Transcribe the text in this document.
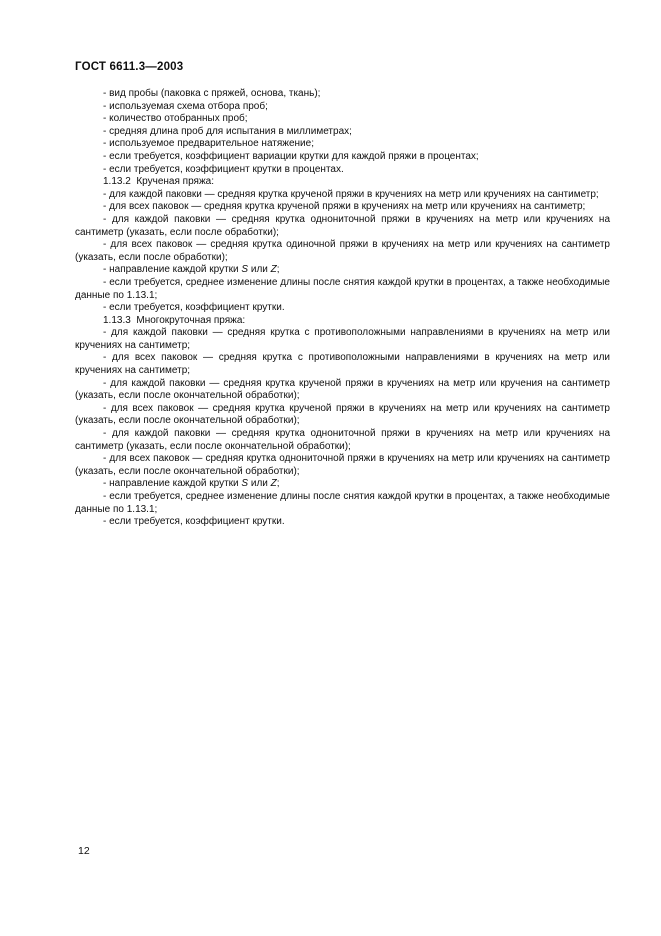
ГОСТ 6611.3—2003

- вид пробы (паковка с пряжей, основа, ткань);

- используемая схема отбора проб;

- количество отобранных проб;

- средняя длина проб для испытания в миллиметрах;

- используемое предварительное натяжение;

- если требуется, коэффициент вариации крутки для каждой пряжи в процентах;

- если требуется, коэффициент крутки в процентах.

1.13.2  Крученая пряжа:

- для каждой паковки — средняя крутка крученой пряжи в кручениях на метр или кручениях на сантиметр;

- для всех паковок — средняя крутка крученой пряжи в кручениях на метр или кручениях на сантиметр;

- для каждой паковки — средняя крутка однониточной пряжи в кручениях на метр или кручениях на сантиметр (указать, если после обработки);

- для всех паковок — средняя крутка одиночной пряжи в кручениях на метр или кручениях на сантиметр (указать, если после обработки);

- направление каждой крутки S или Z;

- если требуется, среднее изменение длины после снятия каждой крутки в процентах, а также необходимые данные по 1.13.1;

- если требуется, коэффициент крутки.

1.13.3  Многокруточная пряжа:

- для каждой паковки — средняя крутка с противоположными направлениями в кручениях на метр или кручениях на сантиметр;

- для всех паковок — средняя крутка с противоположными направлениями в кручениях на метр или кручениях на сантиметр;

- для каждой паковки — средняя крутка крученой пряжи в кручениях на метр или кручения на сантиметр (указать, если после окончательной обработки);

- для всех паковок — средняя крутка крученой пряжи в кручениях на метр или кручениях на сантиметр (указать, если после окончательной обработки);

- для каждой паковки — средняя крутка однониточной пряжи в кручениях на метр или кручениях на сантиметр (указать, если после окончательной обработки);

- для всех паковок — средняя крутка однониточной пряжи в кручениях на метр или кручениях на сантиметр (указать, если после окончательной обработки);

- направление каждой крутки S или Z;

- если требуется, среднее изменение длины после снятия каждой крутки в процентах, а также необходимые данные по 1.13.1;

- если требуется, коэффициент крутки.

12
